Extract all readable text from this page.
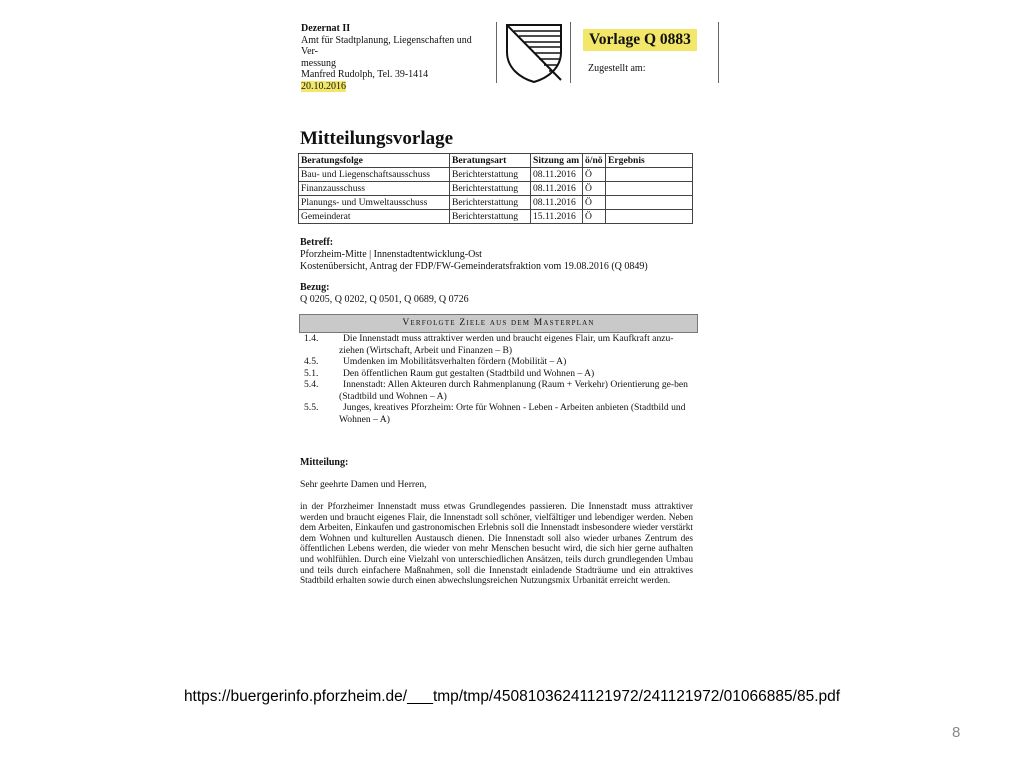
Dezernat II
Amt für Stadtplanung, Liegenschaften und Ver-
messung
Manfred Rudolph, Tel. 39-1414
20.10.2016
Vorlage Q 0883
Zugestellt am:
Mitteilungsvorlage
Beratungsfolge	Beratungsart	Sitzung am	ö/nö	Ergebnis
Bau- und Liegenschaftsausschuss	Berichterstattung	08.11.2016	Ö	
Finanzausschuss	Berichterstattung	08.11.2016	Ö	
Planungs- und Umweltausschuss	Berichterstattung	08.11.2016	Ö	
Gemeinderat	Berichterstattung	15.11.2016	Ö	
Betreff:
Pforzheim-Mitte | Innenstadtentwicklung-Ost
Kostenübersicht, Antrag der FDP/FW-Gemeinderatsfraktion vom 19.08.2016 (Q 0849)
Bezug:
Q 0205, Q 0202, Q 0501, Q 0689, Q 0726
Verfolgte Ziele aus dem Masterplan
1.4.	Die Innenstadt muss attraktiver werden und braucht eigenes Flair, um Kaufkraft anzu-ziehen (Wirtschaft, Arbeit und Finanzen – B)
4.5.	Umdenken im Mobilitätsverhalten fördern (Mobilität – A)
5.1.	Den öffentlichen Raum gut gestalten (Stadtbild und Wohnen – A)
5.4.	Innenstadt: Allen Akteuren durch Rahmenplanung (Raum + Verkehr) Orientierung ge-ben (Stadtbild und Wohnen – A)
5.5.	Junges, kreatives Pforzheim: Orte für Wohnen - Leben - Arbeiten anbieten (Stadtbild und Wohnen – A)
Mitteilung:
Sehr geehrte Damen und Herren,
in der Pforzheimer Innenstadt muss etwas Grundlegendes passieren. Die Innenstadt muss attraktiver werden und braucht eigenes Flair, die Innenstadt soll schöner, vielfältiger und lebendiger werden. Neben dem Arbeiten, Einkaufen und gastronomischen Erlebnis soll die Innenstadt insbesondere wieder verstärkt dem Wohnen und kulturellen Austausch dienen. Die Innenstadt soll also wieder urbanes Zentrum des öffentlichen Lebens werden, die wieder von mehr Menschen besucht wird, die sich hier gerne aufhalten und wohlfühlen. Durch eine Vielzahl von unterschiedlichen Ansätzen, teils durch grundlegenden Umbau und teils durch einfachere Maßnahmen, soll die Innenstadt einladende Stadträume und ein attraktives Stadtbild erhalten sowie durch einen abwechslungsreichen Nutzungsmix Urbanität erreicht werden.
https://buergerinfo.pforzheim.de/___tmp/tmp/45081036241121972/241121972/01066885/85.pdf
8
